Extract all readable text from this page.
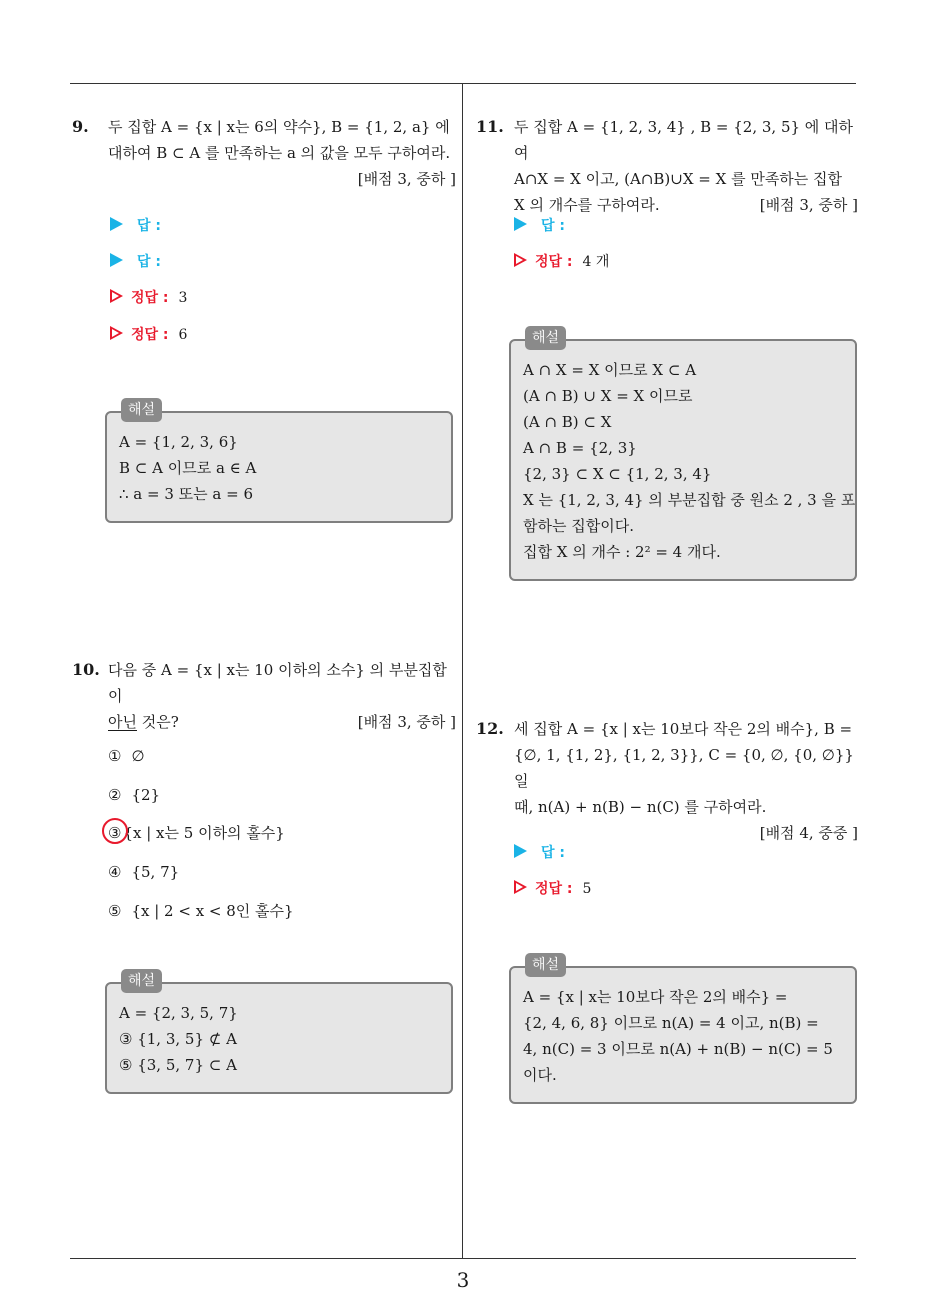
9. 두 집합 A = {x | x는 6의 약수}, B = {1, 2, a} 에
대하여 B ⊂ A 를 만족하는 a 의 값을 모두 구하여라.
[배점 3, 중하 ]
답 :
답 :
정답 : 3
정답 : 6
해설
A = {1, 2, 3, 6}
B ⊂ A 이므로 a ∈ A
∴ a = 3 또는 a = 6
10. 다음 중 A = {x | x는 10 이하의 소수} 의 부분집합이
아닌 것은?	[배점 3, 중하 ]
① ∅
② {2}
③ {x | x는 5 이하의 홀수}
④ {5, 7}
⑤ {x | 2 < x < 8인 홀수}
해설
A = {2, 3, 5, 7}
③ {1, 3, 5} ⊄ A
⑤ {3, 5, 7} ⊂ A
11. 두 집합 A = {1, 2, 3, 4} , B = {2, 3, 5} 에 대하여
A∩X = X 이고, (A∩B)∪X = X 를 만족하는 집합
X 의 개수를 구하여라.	[배점 3, 중하 ]
답 :
정답 : 4 개
해설
A ∩ X = X 이므로 X ⊂ A
(A ∩ B) ∪ X = X 이므로
(A ∩ B) ⊂ X
A ∩ B = {2, 3}
{2, 3} ⊂ X ⊂ {1, 2, 3, 4}
X 는 {1, 2, 3, 4} 의 부분집합 중 원소 2 , 3 을 포
함하는 집합이다.
집합 X 의 개수 : 2² = 4 개다.
12. 세 집합 A = {x | x는 10보다 작은 2의 배수}, B =
{∅, 1, {1, 2}, {1, 2, 3}}, C = {0, ∅, {0, ∅}} 일
때, n(A) + n(B) − n(C) 를 구하여라.
[배점 4, 중중 ]
답 :
정답 : 5
해설
A = {x | x는 10보다 작은 2의 배수} =
{2, 4, 6, 8} 이므로 n(A) = 4 이고, n(B) =
4, n(C) = 3 이므로 n(A) + n(B) − n(C) = 5
이다.
3
